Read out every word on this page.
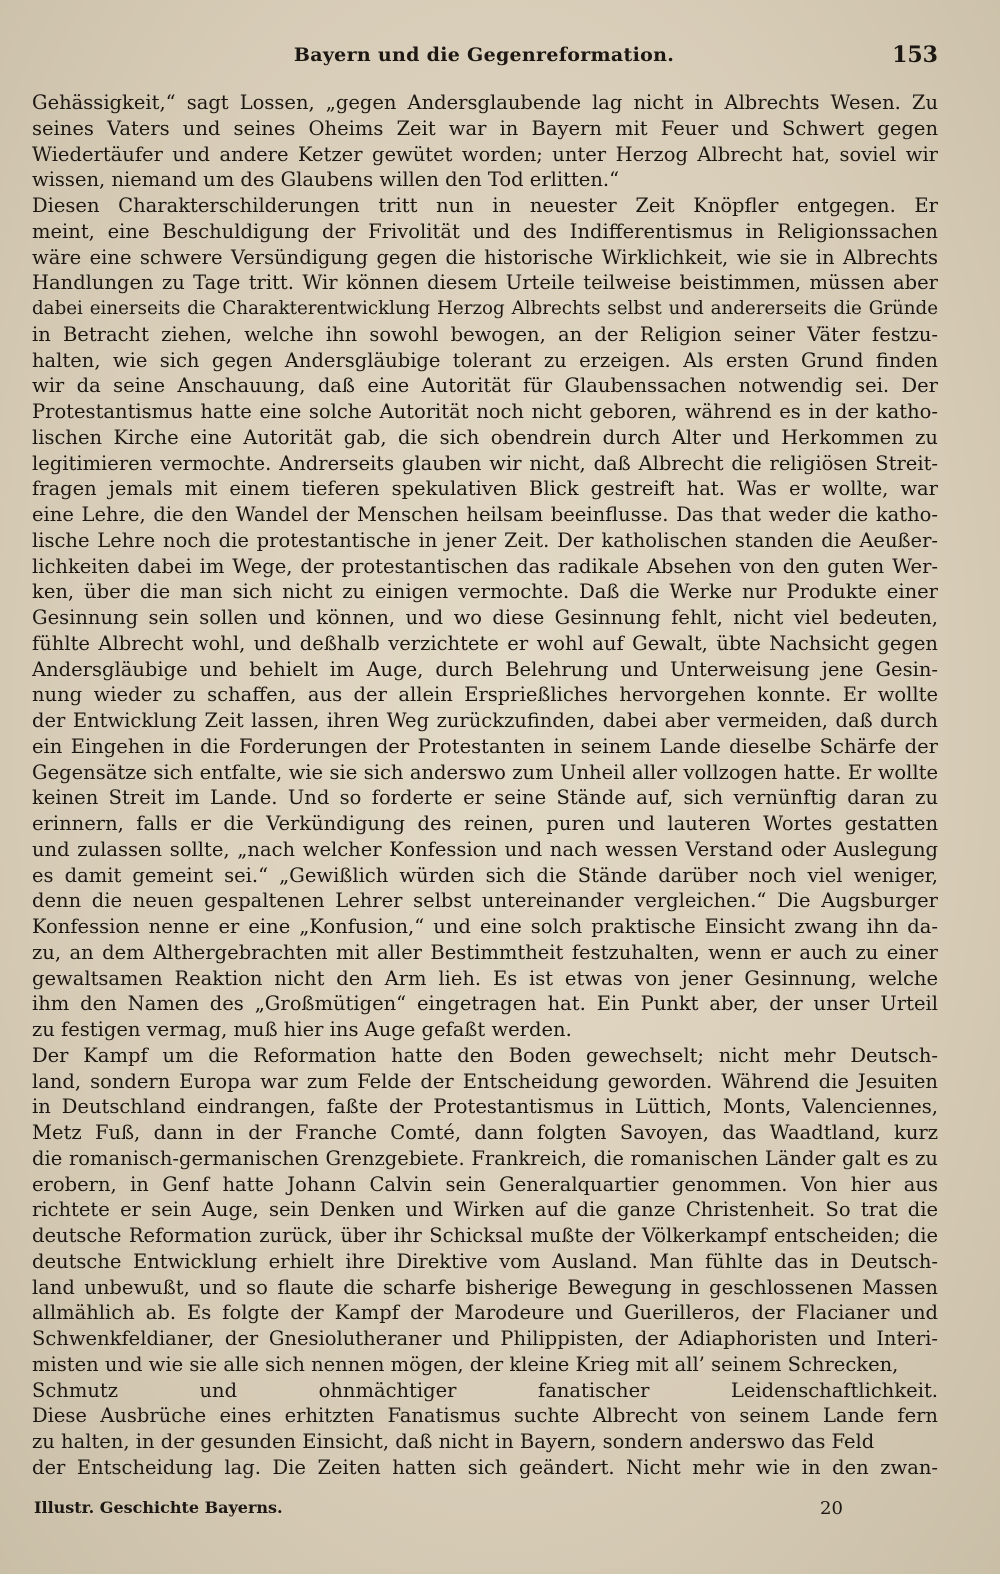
Bayern und die Gegenreformation.	153
Gehässigkeit,“ sagt Lossen, „gegen Andersglaubende lag nicht in Albrechts Wesen. Zu
seines Vaters und seines Oheims Zeit war in Bayern mit Feuer und Schwert gegen
Wiedertäufer und andere Ketzer gewütet worden; unter Herzog Albrecht hat, soviel wir
wissen, niemand um des Glaubens willen den Tod erlitten.“
Diesen Charakterschilderungen tritt nun in neuester Zeit Knöpfler entgegen. Er
meint, eine Beschuldigung der Frivolität und des Indifferentismus in Religionssachen
wäre eine schwere Versündigung gegen die historische Wirklichkeit, wie sie in Albrechts
Handlungen zu Tage tritt. Wir können diesem Urteile teilweise beistimmen, müssen aber
dabei einerseits die Charakterentwicklung Herzog Albrechts selbst und andererseits die Gründe
in Betracht ziehen, welche ihn sowohl bewogen, an der Religion seiner Väter festzu-
halten, wie sich gegen Andersgläubige tolerant zu erzeigen. Als ersten Grund finden
wir da seine Anschauung, daß eine Autorität für Glaubenssachen notwendig sei. Der
Protestantismus hatte eine solche Autorität noch nicht geboren, während es in der katho-
lischen Kirche eine Autorität gab, die sich obendrein durch Alter und Herkommen zu
legitimieren vermochte. Andrerseits glauben wir nicht, daß Albrecht die religiösen Streit-
fragen jemals mit einem tieferen spekulativen Blick gestreift hat. Was er wollte, war
eine Lehre, die den Wandel der Menschen heilsam beeinflusse. Das that weder die katho-
lische Lehre noch die protestantische in jener Zeit. Der katholischen standen die Aeußer-
lichkeiten dabei im Wege, der protestantischen das radikale Absehen von den guten Wer-
ken, über die man sich nicht zu einigen vermochte. Daß die Werke nur Produkte einer
Gesinnung sein sollen und können, und wo diese Gesinnung fehlt, nicht viel bedeuten,
fühlte Albrecht wohl, und deßhalb verzichtete er wohl auf Gewalt, übte Nachsicht gegen
Andersgläubige und behielt im Auge, durch Belehrung und Unterweisung jene Gesin-
nung wieder zu schaffen, aus der allein Ersprießliches hervorgehen konnte. Er wollte
der Entwicklung Zeit lassen, ihren Weg zurückzufinden, dabei aber vermeiden, daß durch
ein Eingehen in die Forderungen der Protestanten in seinem Lande dieselbe Schärfe der
Gegensätze sich entfalte, wie sie sich anderswo zum Unheil aller vollzogen hatte. Er wollte
keinen Streit im Lande. Und so forderte er seine Stände auf, sich vernünftig daran zu
erinnern, falls er die Verkündigung des reinen, puren und lauteren Wortes gestatten
und zulassen sollte, „nach welcher Konfession und nach wessen Verstand oder Auslegung
es damit gemeint sei.“ „Gewißlich würden sich die Stände darüber noch viel weniger,
denn die neuen gespaltenen Lehrer selbst untereinander vergleichen.“ Die Augsburger
Konfession nenne er eine „Konfusion,“ und eine solch praktische Einsicht zwang ihn da-
zu, an dem Althergebrachten mit aller Bestimmtheit festzuhalten, wenn er auch zu einer
gewaltsamen Reaktion nicht den Arm lieh. Es ist etwas von jener Gesinnung, welche
ihm den Namen des „Großmütigen“ eingetragen hat. Ein Punkt aber, der unser Urteil
zu festigen vermag, muß hier ins Auge gefaßt werden.
Der Kampf um die Reformation hatte den Boden gewechselt; nicht mehr Deutsch-
land, sondern Europa war zum Felde der Entscheidung geworden. Während die Jesuiten
in Deutschland eindrangen, faßte der Protestantismus in Lüttich, Monts, Valenciennes,
Metz Fuß, dann in der Franche Comté, dann folgten Savoyen, das Waadtland, kurz
die romanisch-germanischen Grenzgebiete. Frankreich, die romanischen Länder galt es zu
erobern, in Genf hatte Johann Calvin sein Generalquartier genommen. Von hier aus
richtete er sein Auge, sein Denken und Wirken auf die ganze Christenheit. So trat die
deutsche Reformation zurück, über ihr Schicksal mußte der Völkerkampf entscheiden; die
deutsche Entwicklung erhielt ihre Direktive vom Ausland. Man fühlte das in Deutsch-
land unbewußt, und so flaute die scharfe bisherige Bewegung in geschlossenen Massen
allmählich ab. Es folgte der Kampf der Marodeure und Guerilleros, der Flacianer und
Schwenkfeldianer, der Gnesiolutheraner und Philippisten, der Adiaphoristen und Interi-
misten und wie sie alle sich nennen mögen, der kleine Krieg mit all’ seinem Schrecken,
Schmutz und ohnmächtiger fanatischer Leidenschaftlichkeit.
Diese Ausbrüche eines erhitzten Fanatismus suchte Albrecht von seinem Lande fern
zu halten, in der gesunden Einsicht, daß nicht in Bayern, sondern anderswo das Feld
der Entscheidung lag. Die Zeiten hatten sich geändert. Nicht mehr wie in den zwan-
Illustr. Geschichte Bayerns.	20
